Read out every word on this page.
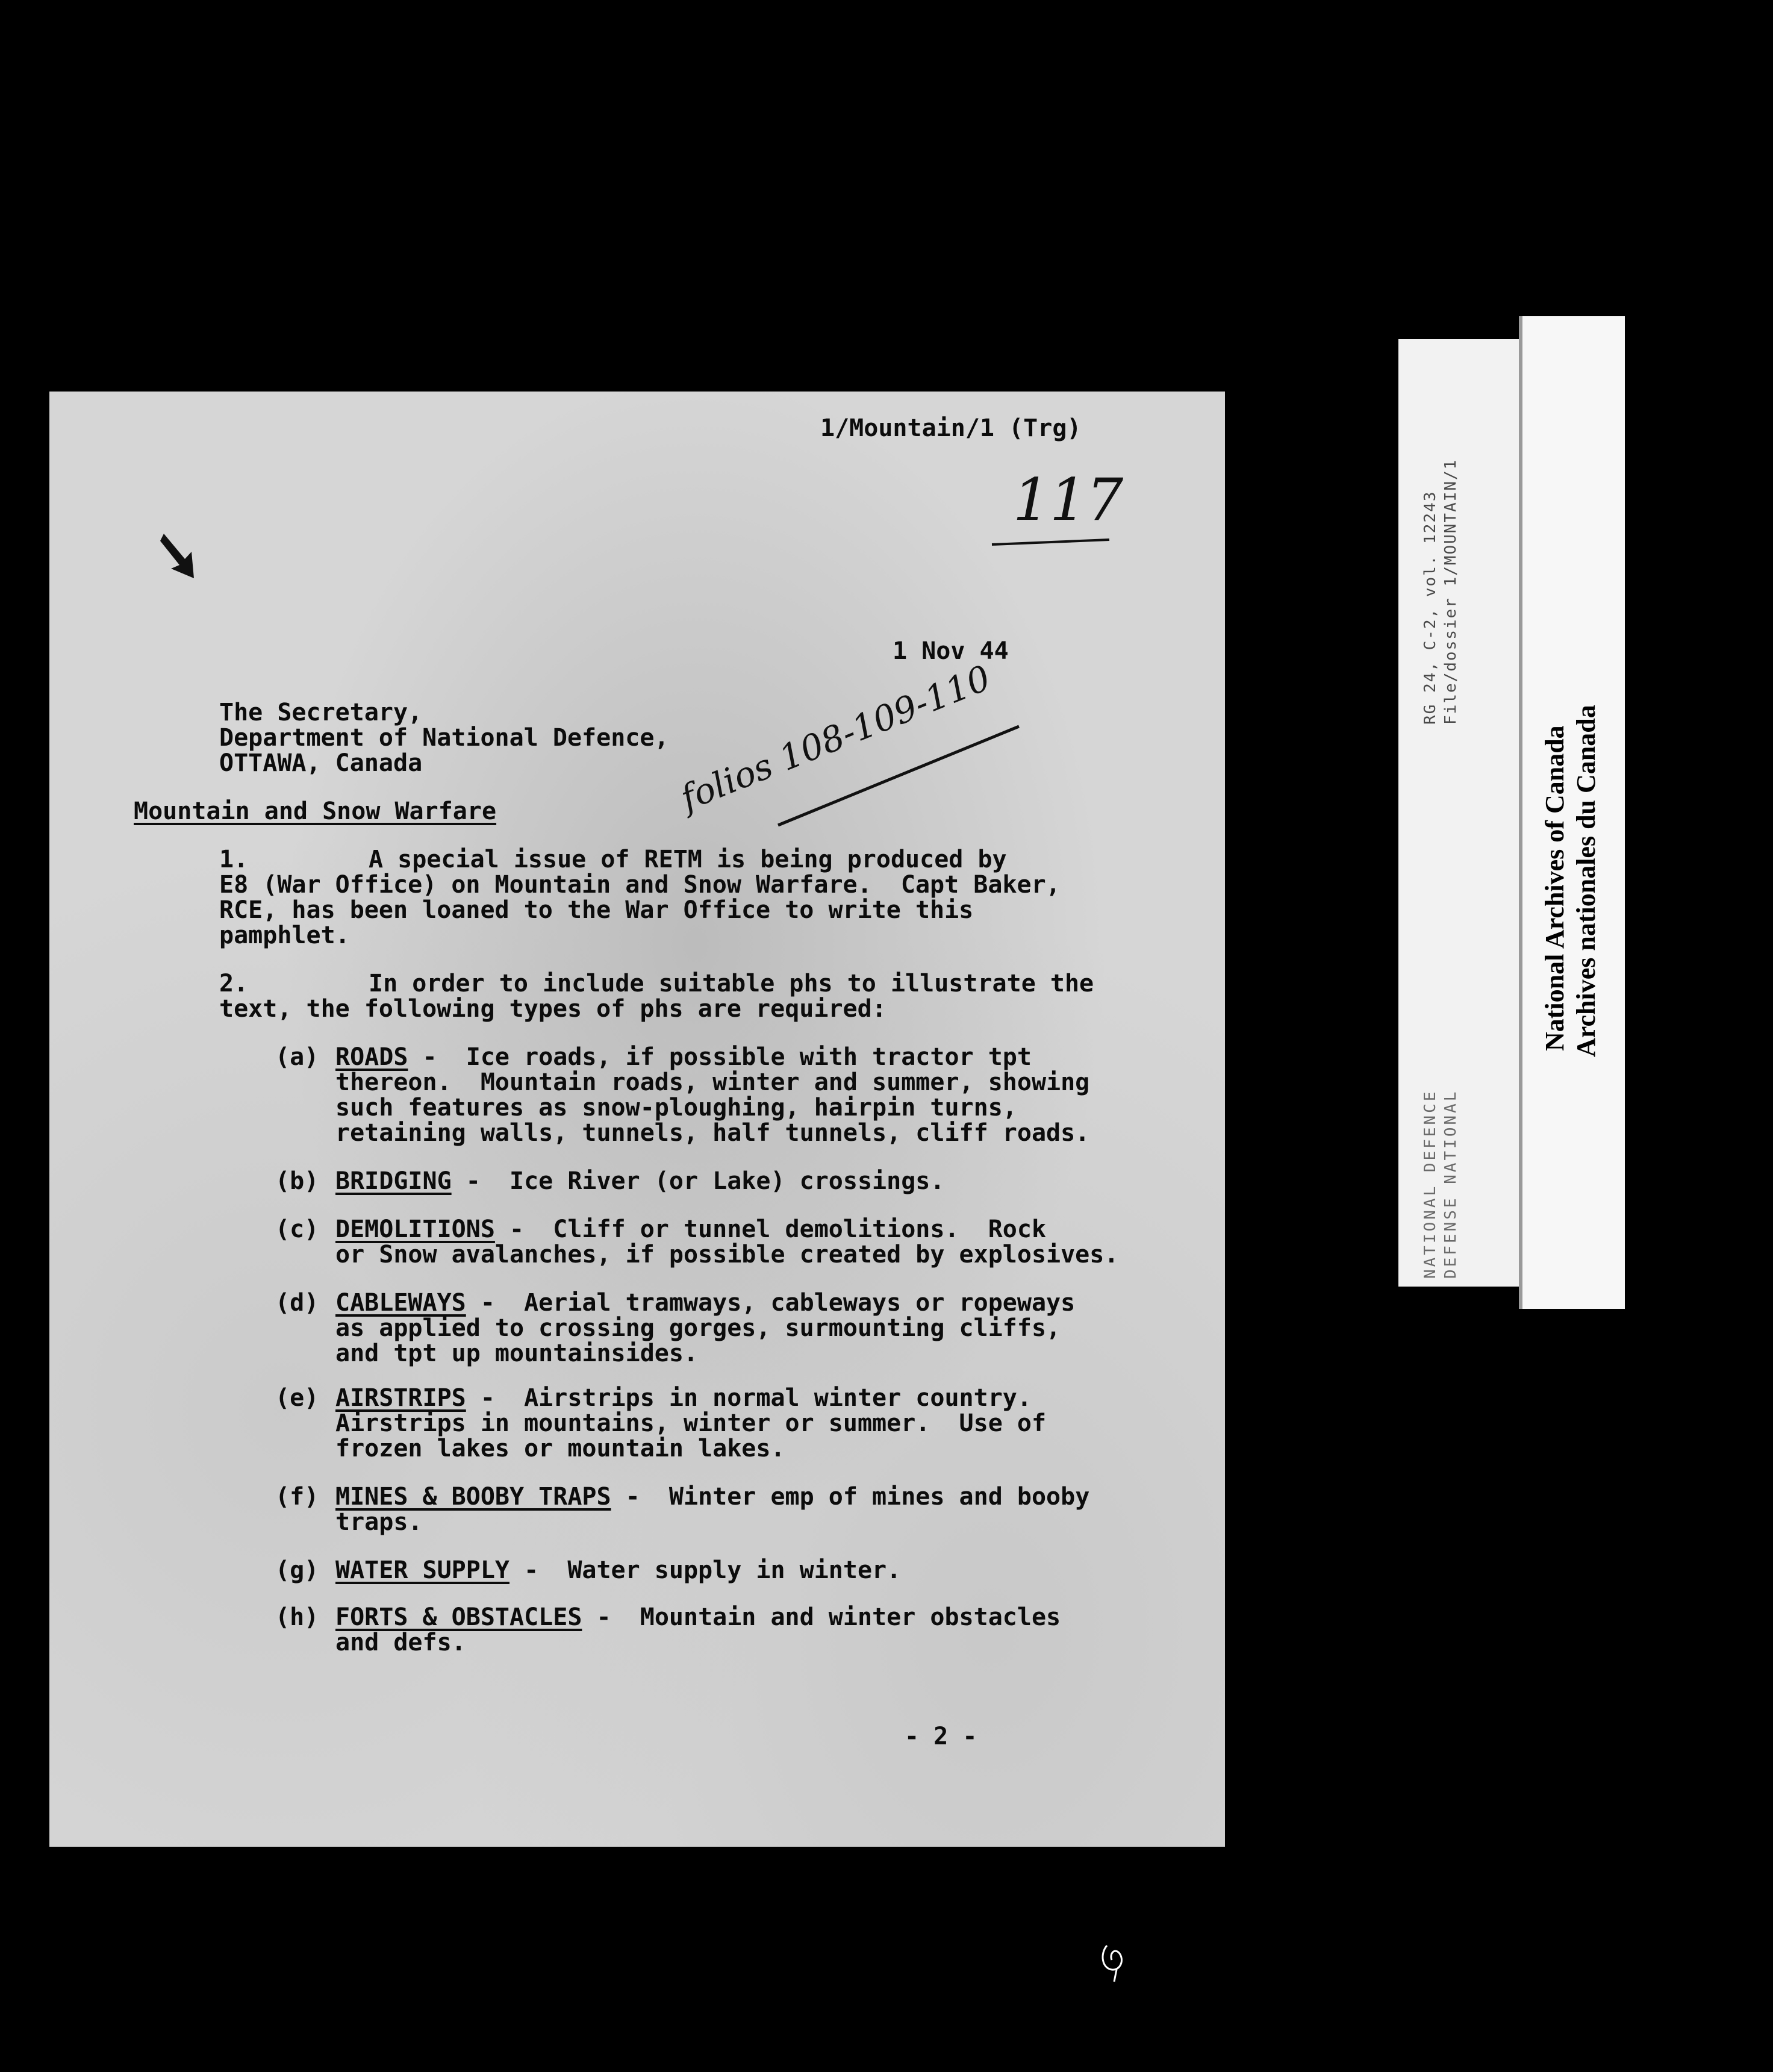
1/Mountain/1 (Trg)

117

1 Nov 44

The Secretary,

Department of National Defence,

OTTAWA, Canada	folios 108-109-110

Mountain and Snow Warfare

1.	A special issue of RETM is being produced by

E8 (War Office) on Mountain and Snow Warfare.  Capt Baker,

RCE, has been loaned to the War Office to write this

pamphlet.

2.	In order to include suitable phs to illustrate the

text, the following types of phs are required:

(a) ROADS -  Ice roads, if possible with tractor tpt

thereon.  Mountain roads, winter and summer, showing

such features as snow-ploughing, hairpin turns,

retaining walls, tunnels, half tunnels, cliff roads.

(b) BRIDGING -  Ice River (or Lake) crossings.

(c) DEMOLITIONS -  Cliff or tunnel demolitions.  Rock

or Snow avalanches, if possible created by explosives.

(d) CABLEWAYS -  Aerial tramways, cableways or ropeways

as applied to crossing gorges, surmounting cliffs,

and tpt up mountainsides.

(e) AIRSTRIPS -  Airstrips in normal winter country.

Airstrips in mountains, winter or summer.  Use of

frozen lakes or mountain lakes.

(f) MINES & BOOBY TRAPS -  Winter emp of mines and booby

traps.

(g) WATER SUPPLY -  Water supply in winter.

(h) FORTS & OBSTACLES -  Mountain and winter obstacles

and defs.

- 2 -

RG 24, C-2, vol. 12243 File/dossier 1/MOUNTAIN/1
NATIONAL DEFENCE DEFENSE NATIONAL
National Archives of Canada Archives nationales du Canada
